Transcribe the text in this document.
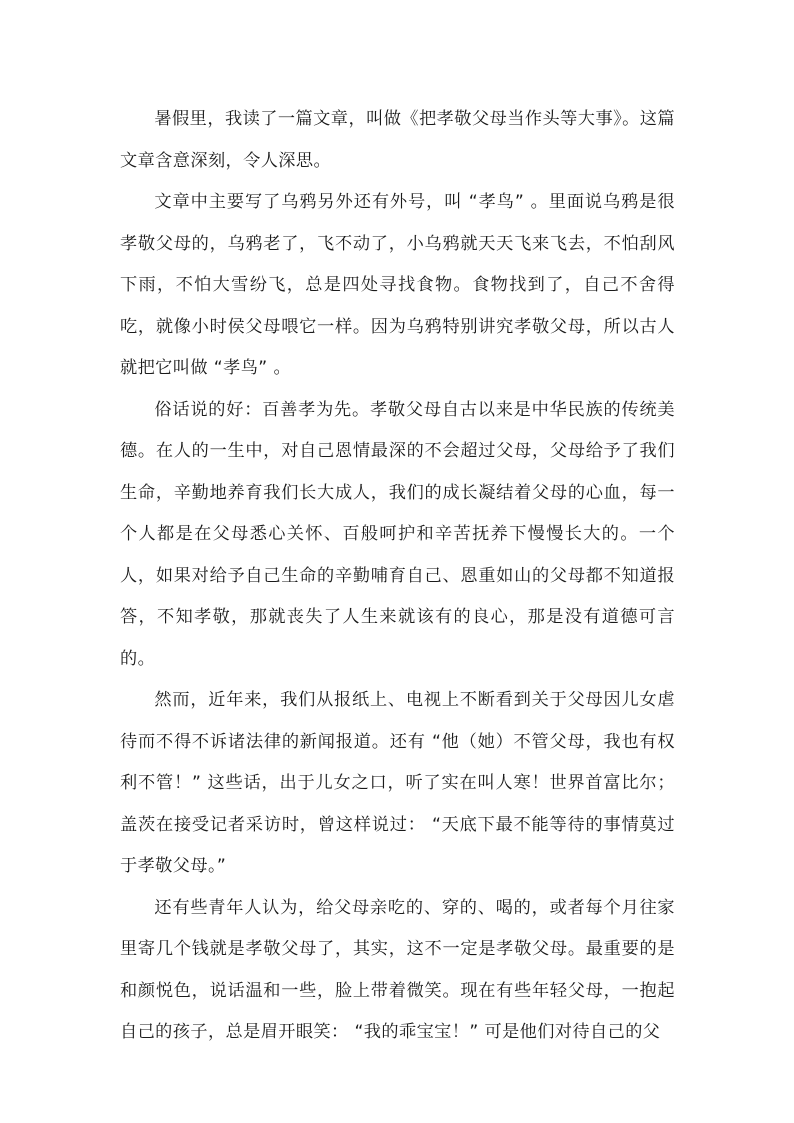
暑假里，我读了一篇文章，叫做《把孝敬父母当作头等大事》。这篇文章含意深刻，令人深思。

文章中主要写了乌鸦另外还有外号，叫 “孝鸟” 。里面说乌鸦是很孝敬父母的，乌鸦老了，飞不动了，小乌鸦就天天飞来飞去，不怕刮风下雨，不怕大雪纷飞，总是四处寻找食物。食物找到了，自己不舍得吃，就像小时侯父母喂它一样。因为乌鸦特别讲究孝敬父母，所以古人就把它叫做 “孝鸟” 。

俗话说的好：百善孝为先。孝敬父母自古以来是中华民族的传统美德。在人的一生中，对自己恩情最深的不会超过父母，父母给予了我们生命，辛勤地养育我们长大成人，我们的成长凝结着父母的心血，每一个人都是在父母悉心关怀、百般呵护和辛苦抚养下慢慢长大的。一个人，如果对给予自己生命的辛勤哺育自己、恩重如山的父母都不知道报答，不知孝敬，那就丧失了人生来就该有的良心，那是没有道德可言的。

然而，近年来，我们从报纸上、电视上不断看到关于父母因儿女虐待而不得不诉诸法律的新闻报道。还有 “他（她）不管父母，我也有权利不管！” 这些话，出于儿女之口，听了实在叫人寒！世界首富比尔；盖茨在接受记者采访时，曾这样说过： “天底下最不能等待的事情莫过于孝敬父母。”

还有些青年人认为，给父母亲吃的、穿的、喝的，或者每个月往家里寄几个钱就是孝敬父母了，其实，这不一定是孝敬父母。最重要的是和颜悦色，说话温和一些，脸上带着微笑。现在有些年轻父母，一抱起自己的孩子，总是眉开眼笑： “我的乖宝宝！” 可是他们对待自己的父
